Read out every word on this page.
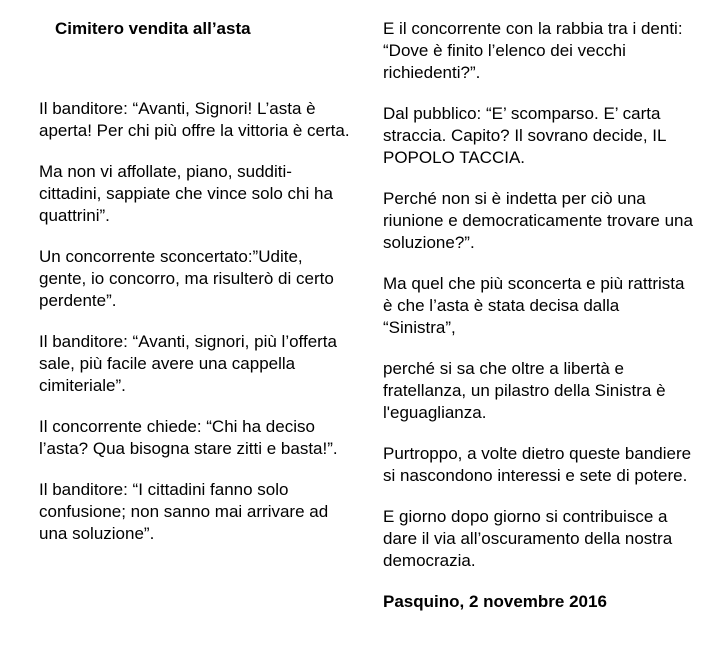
Cimitero vendita all’asta

Il banditore: “Avanti, Signori! L’asta è aperta! Per chi più offre la vittoria è certa.

Ma non vi affollate, piano, sudditi-cittadini, sappiate che vince solo chi ha quattrini”.

Un concorrente sconcertato:”Udite, gente, io concorro, ma risulterò di certo perdente”.

Il banditore: “Avanti, signori, più l’offerta sale, più facile avere una cappella cimiteriale”.

Il concorrente chiede: “Chi ha deciso l’asta? Qua bisogna stare zitti e basta!”.

Il banditore: “I cittadini fanno solo confusione; non sanno mai arrivare ad una soluzione”.

E il concorrente con la rabbia tra i denti: “Dove è finito l’elenco dei vecchi richiedenti?”.

Dal pubblico: “E’ scomparso. E’ carta straccia. Capito? Il sovrano decide, IL POPOLO TACCIA.

Perché non si è indetta per ciò una riunione e democraticamente trovare una soluzione?”.

Ma quel che più sconcerta e più rattrista è che l’asta è stata decisa dalla “Sinistra”,

perché si sa che oltre a libertà e fratellanza, un pilastro della Sinistra è l'eguaglianza.

Purtroppo, a volte dietro queste bandiere si nascondono interessi e sete di potere.

E giorno dopo giorno si contribuisce a dare il via all’oscuramento della nostra democrazia.

Pasquino, 2 novembre 2016
